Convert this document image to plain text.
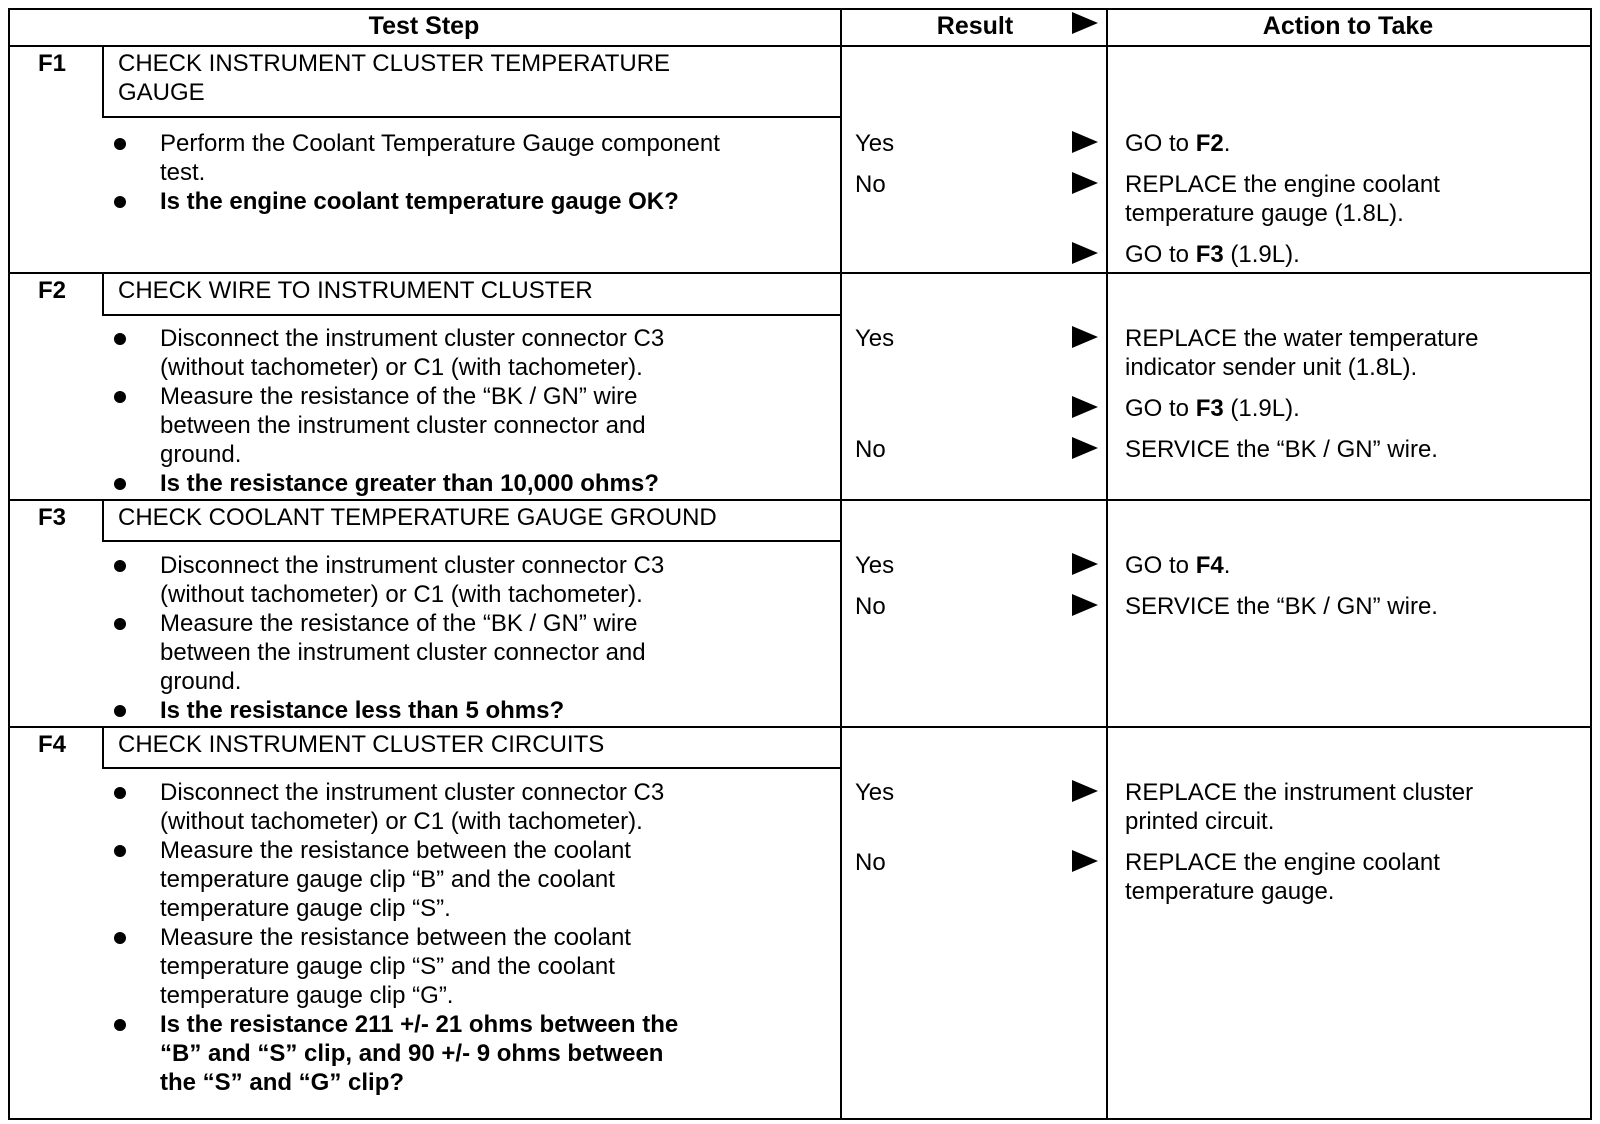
Test Step	Result	Action to Take
F1 CHECK INSTRUMENT CLUSTER TEMPERATURE
GAUGE
Perform the Coolant Temperature Gauge component
test.
Is the engine coolant temperature gauge OK?
Yes	GO to F2.
No	REPLACE the engine coolant
temperature gauge (1.8L).
GO to F3 (1.9L).
F2 CHECK WIRE TO INSTRUMENT CLUSTER
Disconnect the instrument cluster connector C3
(without tachometer) or C1 (with tachometer).
Measure the resistance of the “BK / GN” wire
between the instrument cluster connector and
ground.
Is the resistance greater than 10,000 ohms?
Yes	REPLACE the water temperature
indicator sender unit (1.8L).
GO to F3 (1.9L).
No	SERVICE the “BK / GN” wire.
F3 CHECK COOLANT TEMPERATURE GAUGE GROUND
Disconnect the instrument cluster connector C3
(without tachometer) or C1 (with tachometer).
Measure the resistance of the “BK / GN” wire
between the instrument cluster connector and
ground.
Is the resistance less than 5 ohms?
Yes	GO to F4.
No	SERVICE the “BK / GN” wire.
F4 CHECK INSTRUMENT CLUSTER CIRCUITS
Disconnect the instrument cluster connector C3
(without tachometer) or C1 (with tachometer).
Measure the resistance between the coolant
temperature gauge clip “B” and the coolant
temperature gauge clip “S”.
Measure the resistance between the coolant
temperature gauge clip “S” and the coolant
temperature gauge clip “G”.
Is the resistance 211 +/- 21 ohms between the
“B” and “S” clip, and 90 +/- 9 ohms between
the “S” and “G” clip?
Yes	REPLACE the instrument cluster
printed circuit.
No	REPLACE the engine coolant
temperature gauge.
